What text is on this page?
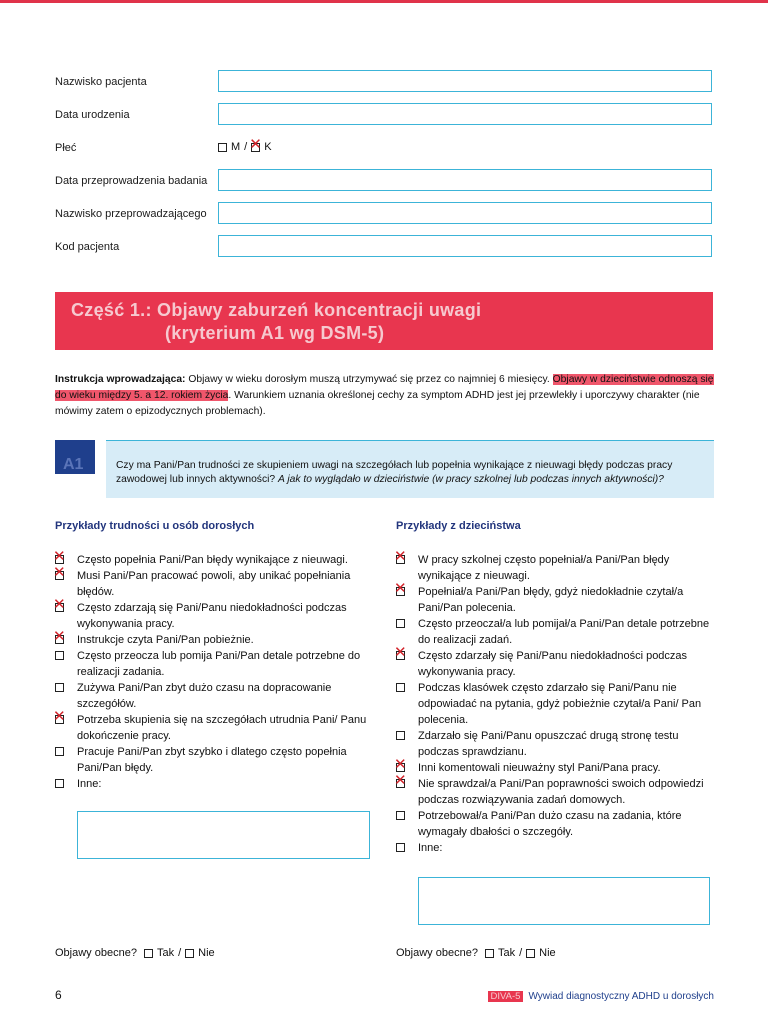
Nazwisko pacjenta
Data urodzenia
Płeć	M /
✕ K
Data przeprowadzenia badania
Nazwisko przeprowadzającego
Kod pacjenta
Część 1.: Objawy zaburzeń koncentracji uwagi
(kryterium A1 wg DSM-5)
Instrukcja wprowadzająca: Objawy w wieku dorosłym muszą utrzymywać się przez co najmniej 6 miesięcy. Objawy w dzieciństwie odnoszą się do wieku między 5. a 12. rokiem życia. Warunkiem uznania określonej cechy za symptom ADHD jest jej przewlekły i uporczywy charakter (nie mówimy zatem o epizodycznych problemach).
A1	Czy ma Pani/Pan trudności ze skupieniem uwagi na szczegółach lub popełnia wynikające z nieuwagi błędy podczas pracy zawodowej lub innych aktywności? A jak to wyglądało w dzieciństwie (w pracy szkolnej lub podczas innych aktywności)?
Przykłady trudności u osób dorosłych	Przykłady z dzieciństwa
✕
Często popełnia Pani/Pan błędy wynikające z nieuwagi.
✕
Musi Pani/Pan pracować powoli, aby unikać popełniania błędów.
✕
Często zdarzają się Pani/Panu niedokładności podczas wykonywania pracy.
✕
Instrukcje czyta Pani/Pan pobieżnie.
Często przeocza lub pomija Pani/Pan detale potrzebne do realizacji zadania.
Zużywa Pani/Pan zbyt dużo czasu na dopracowanie szczegółów.
✕
Potrzeba skupienia się na szczegółach utrudnia Pani/ Panu dokończenie pracy.
Pracuje Pani/Pan zbyt szybko i dlatego często popełnia Pani/Pan błędy.
Inne:
✕
W pracy szkolnej często popełniał/a Pani/Pan błędy wynikające z nieuwagi.
✕
Popełniał/a Pani/Pan błędy, gdyż niedokładnie czytał/a Pani/Pan polecenia.
Często przeoczał/a lub pomijał/a Pani/Pan detale potrzebne do realizacji zadań.
✕
Często zdarzały się Pani/Panu niedokładności podczas wykonywania pracy.
Podczas klasówek często zdarzało się Pani/Panu nie odpowiadać na pytania, gdyż pobieżnie czytał/a Pani/ Pan polecenia.
Zdarzało się Pani/Panu opuszczać drugą stronę testu podczas sprawdzianu.
✕
Inni komentowali nieuważny styl Pani/Pana pracy.
✕
Nie sprawdzał/a Pani/Pan poprawności swoich odpowiedzi podczas rozwiązywania zadań domowych.
Potrzebował/a Pani/Pan dużo czasu na zadania, które wymagały dbałości o szczegóły.
Inne:
Objawy obecne? Tak / Nie	Objawy obecne? Tak / Nie
6	DIVA-5 Wywiad diagnostyczny ADHD u dorosłych
